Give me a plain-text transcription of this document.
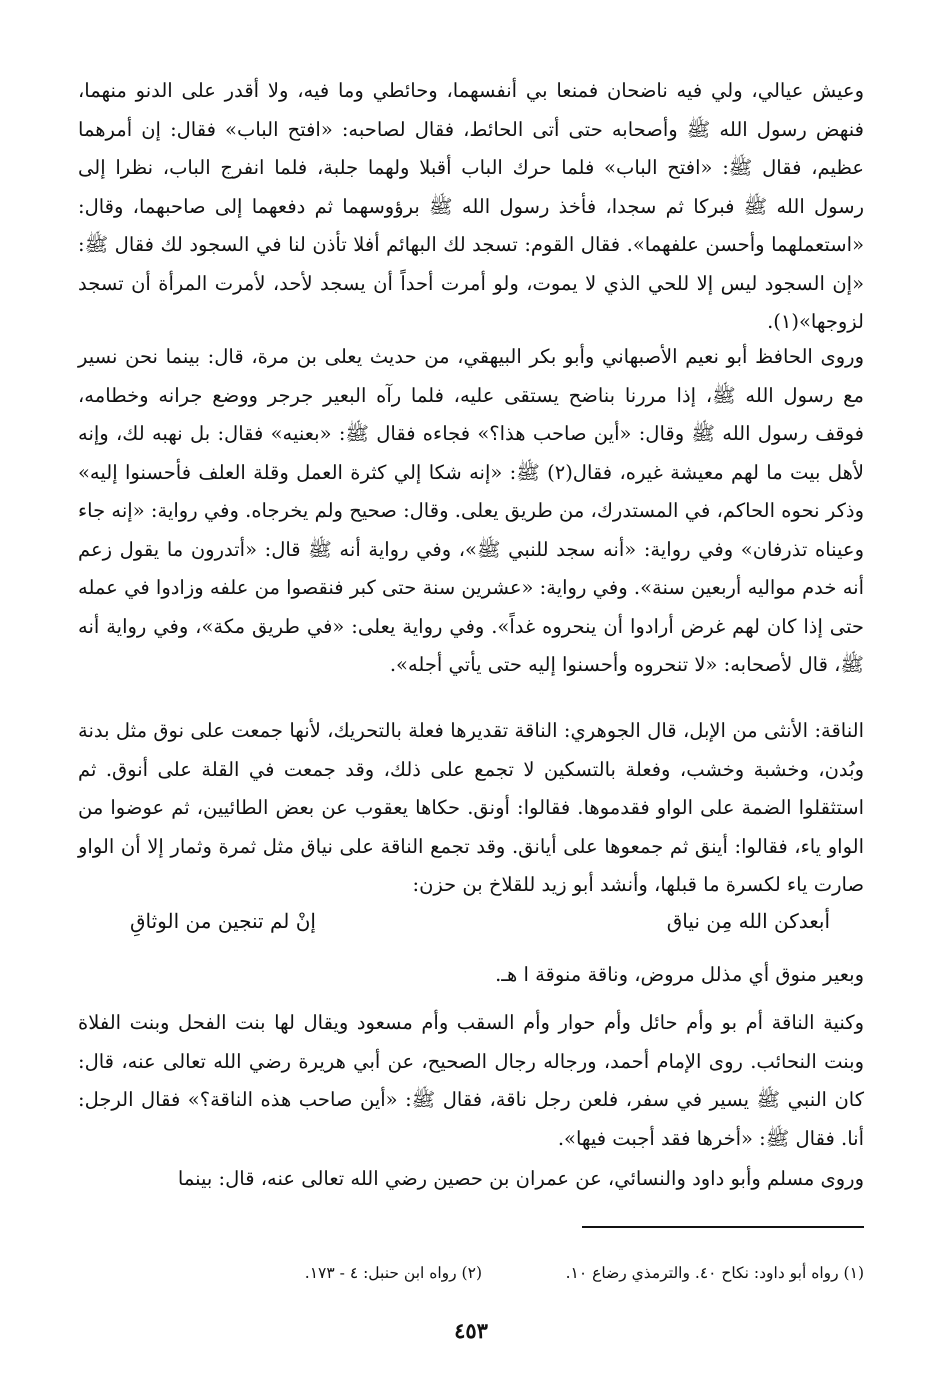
وعيش عيالي، ولي فيه ناضحان فمنعا بي أنفسهما، وحائطي وما فيه، ولا أقدر على الدنو منهما، فنهض رسول الله ﷺ وأصحابه حتى أتى الحائط، فقال لصاحبه: «افتح الباب» فقال: إن أمرهما عظيم، فقال ﷺ: «افتح الباب» فلما حرك الباب أقبلا ولهما جلبة، فلما انفرج الباب، نظرا إلى رسول الله ﷺ فبركا ثم سجدا، فأخذ رسول الله ﷺ برؤوسهما ثم دفعهما إلى صاحبهما، وقال: «استعملهما وأحسن علفهما». فقال القوم: تسجد لك البهائم أفلا تأذن لنا في السجود لك فقال ﷺ: «إن السجود ليس إلا للحي الذي لا يموت، ولو أمرت أحداً أن يسجد لأحد، لأمرت المرأة أن تسجد لزوجها»(١).

وروى الحافظ أبو نعيم الأصبهاني وأبو بكر البيهقي، من حديث يعلى بن مرة، قال: بينما نحن نسير مع رسول الله ﷺ، إذا مررنا بناضح يستقى عليه، فلما رآه البعير جرجر ووضع جرانه وخطامه، فوقف رسول الله ﷺ وقال: «أين صاحب هذا؟» فجاءه فقال ﷺ: «بعنيه» فقال: بل نهبه لك، وإنه لأهل بيت ما لهم معيشة غيره، فقال(٢) ﷺ: «إنه شكا إلي كثرة العمل وقلة العلف فأحسنوا إليه» وذكر نحوه الحاكم، في المستدرك، من طريق يعلى. وقال: صحيح ولم يخرجاه. وفي رواية: «إنه جاء وعيناه تذرفان» وفي رواية: «أنه سجد للنبي ﷺ»، وفي رواية أنه ﷺ قال: «أتدرون ما يقول زعم أنه خدم مواليه أربعين سنة». وفي رواية: «عشرين سنة حتى كبر فنقصوا من علفه وزادوا في عمله حتى إذا كان لهم غرض أرادوا أن ينحروه غداً». وفي رواية يعلى: «في طريق مكة»، وفي رواية أنه ﷺ، قال لأصحابه: «لا تنحروه وأحسنوا إليه حتى يأتي أجله».

الناقة: الأنثى من الإبل، قال الجوهري: الناقة تقديرها فعلة بالتحريك، لأنها جمعت على نوق مثل بدنة وبُدن، وخشبة وخشب، وفعلة بالتسكين لا تجمع على ذلك، وقد جمعت في القلة على أنوق. ثم استثقلوا الضمة على الواو فقدموها. فقالوا: أونق. حكاها يعقوب عن بعض الطائيين، ثم عوضوا من الواو ياء، فقالوا: أينق ثم جمعوها على أيانق. وقد تجمع الناقة على نياق مثل ثمرة وثمار إلا أن الواو صارت ياء لكسرة ما قبلها، وأنشد أبو زيد للقلاخ بن حزن:

أبعدكن الله مِن نياق
إنْ لم تنجين من الوثاقِ

وبعير منوق أي مذلل مروض، وناقة منوقة ا هـ.

وكنية الناقة أم بو وأم حائل وأم حوار وأم السقب وأم مسعود ويقال لها بنت الفحل وبنت الفلاة وبنت النحائب. روى الإمام أحمد، ورجاله رجال الصحيح، عن أبي هريرة رضي الله تعالى عنه، قال: كان النبي ﷺ يسير في سفر، فلعن رجل ناقة، فقال ﷺ: «أين صاحب هذه الناقة؟» فقال الرجل: أنا. فقال ﷺ: «أخرها فقد أجبت فيها».

وروى مسلم وأبو داود والنسائي، عن عمران بن حصين رضي الله تعالى عنه، قال: بينما

(١) رواه أبو داود: نكاح ٤٠. والترمذي رضاع ١٠.
(٢) رواه ابن حنبل: ٤ - ١٧٣.
٤٥٣
